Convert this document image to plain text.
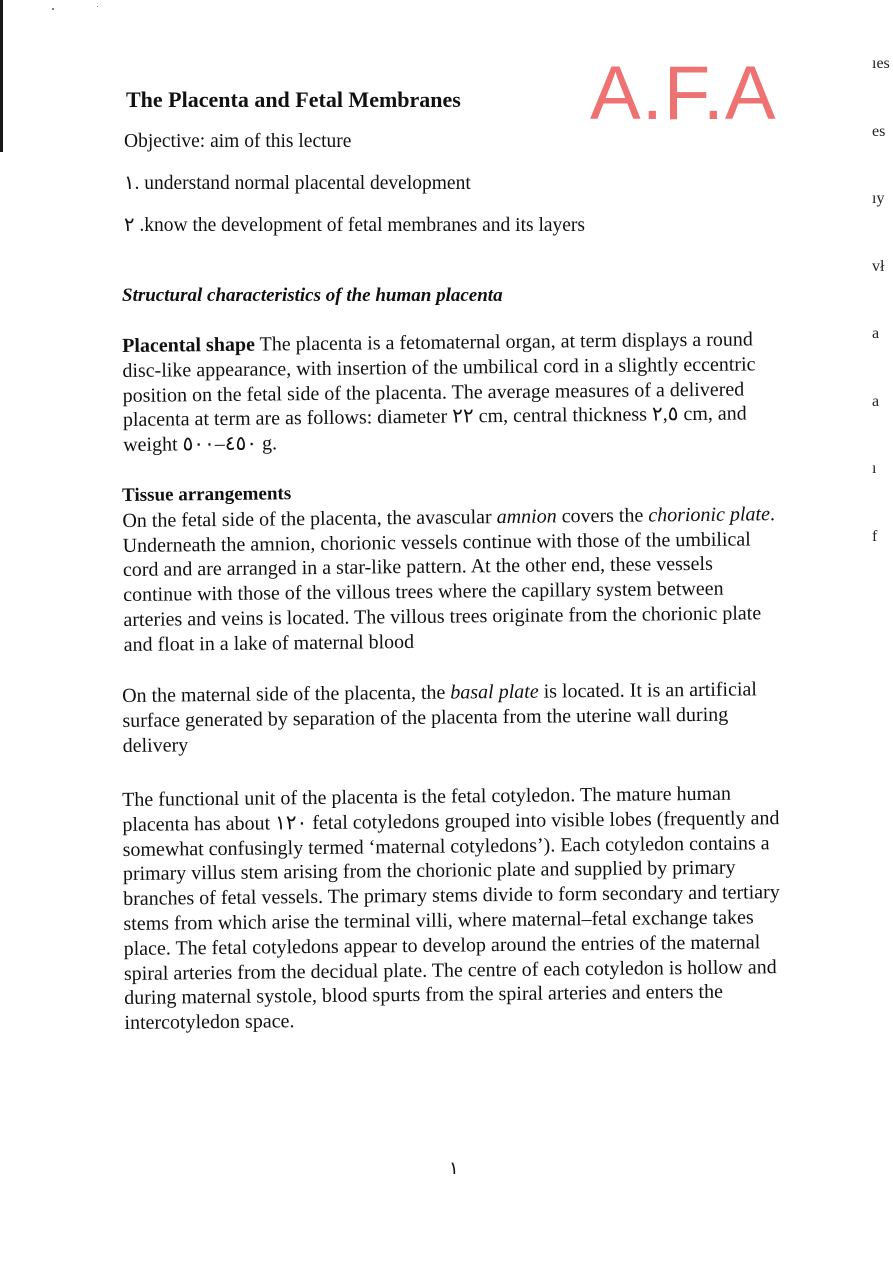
ıes

es

ıy

vł

a

a

ı

f

A.F.A
The Placenta and Fetal Membranes
Objective: aim of this lecture
١. understand normal placental development
٢ .know the development of fetal membranes and its layers
Structural characteristics of the human placenta

Placental shape The placenta is a fetomaternal organ, at term displays a round disc-like appearance, with insertion of the umbilical cord in a slightly eccentric position on the fetal side of the placenta. The average measures of a delivered placenta at term are as follows: diameter ٢٢ cm, central thickness ٢,٥ cm, and weight ٤٥٠–٥٠٠ g.

Tissue arrangements
On the fetal side of the placenta, the avascular amnion covers the chorionic plate. Underneath the amnion, chorionic vessels continue with those of the umbilical cord and are arranged in a star-like pattern. At the other end, these vessels continue with those of the villous trees where the capillary system between arteries and veins is located. The villous trees originate from the chorionic plate and float in a lake of maternal blood

On the maternal side of the placenta, the basal plate is located. It is an artificial surface generated by separation of the placenta from the uterine wall during delivery

The functional unit of the placenta is the fetal cotyledon. The mature human placenta has about ١٢٠ fetal cotyledons grouped into visible lobes (frequently and somewhat confusingly termed ‘maternal cotyledons’). Each cotyledon contains a primary villus stem arising from the chorionic plate and supplied by primary branches of fetal vessels. The primary stems divide to form secondary and tertiary stems from which arise the terminal villi, where maternal–fetal exchange takes place. The fetal cotyledons appear to develop around the entries of the maternal spiral arteries from the decidual plate. The centre of each cotyledon is hollow and during maternal systole, blood spurts from the spiral arteries and enters the intercotyledon space.

١
